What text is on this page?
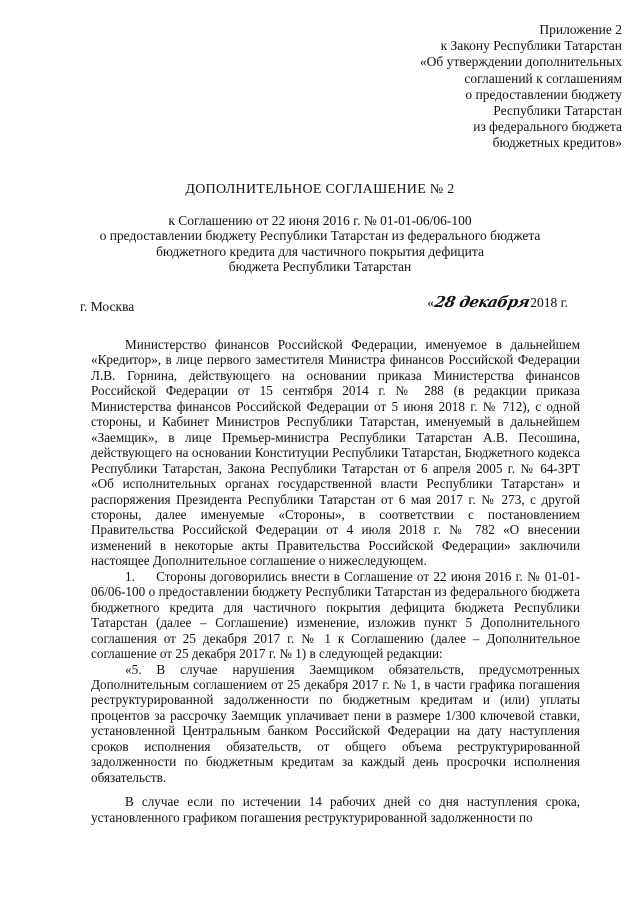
Приложение 2
к Закону Республики Татарстан
«Об утверждении дополнительных
соглашений к соглашениям
о предоставлении бюджету
Республики Татарстан
из федерального бюджета
бюджетных кредитов»
ДОПОЛНИТЕЛЬНОЕ СОГЛАШЕНИЕ № 2
к Соглашению от 22 июня 2016 г. № 01-01-06/06-100
о предоставлении бюджету Республики Татарстан из федерального бюджета
бюджетного кредита для частичного покрытия дефицита
бюджета Республики Татарстан
г. Москва	« 28 декабря 2018 г.

Министерство финансов Российской Федерации, именуемое в дальнейшем «Кредитор», в лице первого заместителя Министра финансов Российской Федерации Л.В. Горнина, действующего на основании приказа Министерства финансов Российской Федерации от 15 сентября 2014 г. № 288 (в редакции приказа Министерства финансов Российской Федерации от 5 июня 2018 г. № 712), с одной стороны, и Кабинет Министров Республики Татарстан, именуемый в дальнейшем «Заемщик», в лице Премьер-министра Республики Татарстан А.В. Песошина, действующего на основании Конституции Республики Татарстан, Бюджетного кодекса Республики Татарстан, Закона Республики Татарстан от 6 апреля 2005 г. № 64-ЗРТ «Об исполнительных органах государственной власти Республики Татарстан» и распоряжения Президента Республики Татарстан от 6 мая 2017 г. № 273, с другой стороны, далее именуемые «Стороны», в соответствии с постановлением Правительства Российской Федерации от 4 июля 2018 г. № 782 «О внесении изменений в некоторые акты Правительства Российской Федерации» заключили настоящее Дополнительное соглашение о нижеследующем.

1.     Стороны договорились внести в Соглашение от 22 июня 2016 г. № 01-01-06/06-100 о предоставлении бюджету Республики Татарстан из федерального бюджета бюджетного кредита для частичного покрытия дефицита бюджета Республики Татарстан (далее – Соглашение) изменение, изложив пункт 5 Дополнительного соглашения от 25 декабря 2017 г. № 1 к Соглашению (далее – Дополнительное соглашение от 25 декабря 2017 г. № 1) в следующей редакции:

«5. В случае нарушения Заемщиком обязательств, предусмотренных Дополнительным соглашением от 25 декабря 2017 г. № 1, в части графика погашения реструктурированной задолженности по бюджетным кредитам и (или) уплаты процентов за рассрочку Заемщик уплачивает пени в размере 1/300 ключевой ставки, установленной Центральным банком Российской Федерации на дату наступления сроков исполнения обязательств, от общего объема реструктурированной задолженности по бюджетным кредитам за каждый день просрочки исполнения обязательств.

В случае если по истечении 14 рабочих дней со дня наступления срока, установленного графиком погашения реструктурированной задолженности по
